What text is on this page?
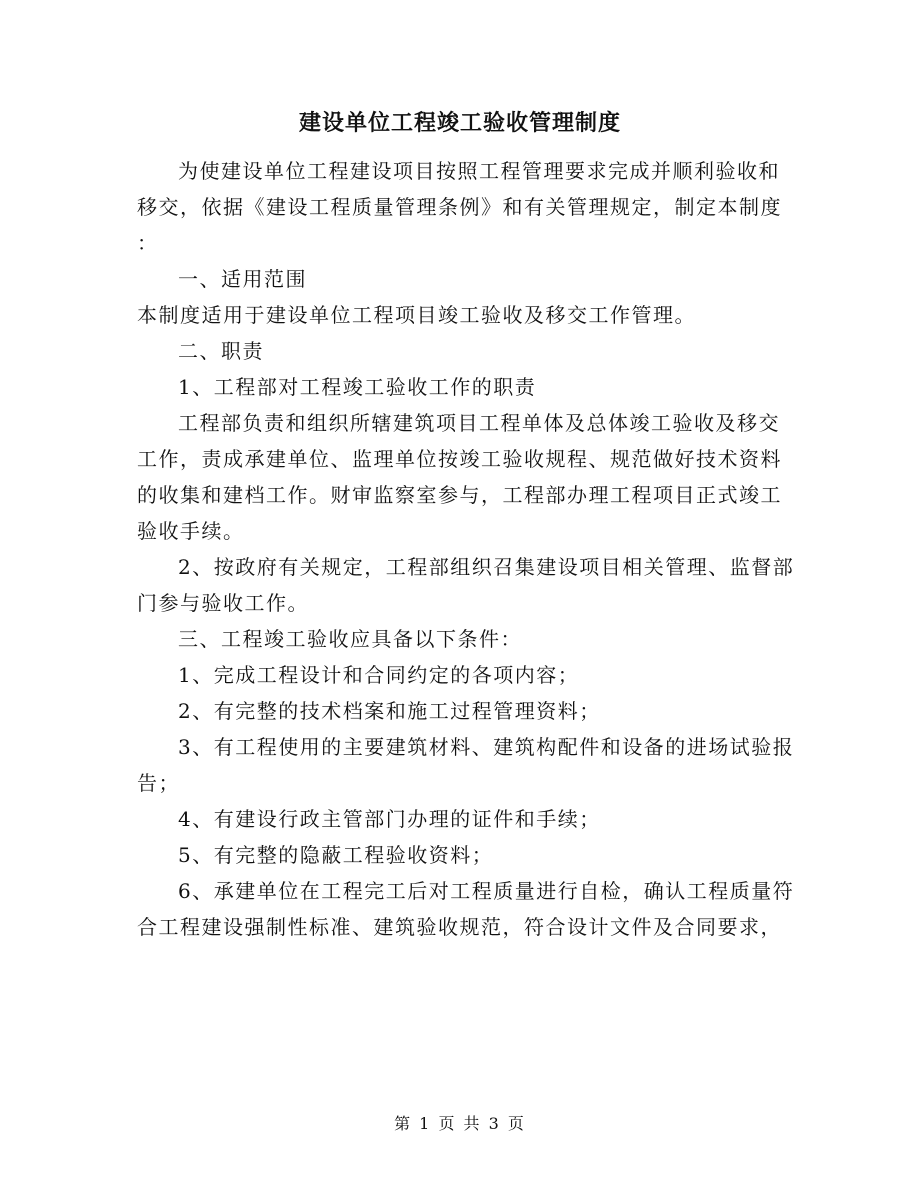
建设单位工程竣工验收管理制度
为使建设单位工程建设项目按照工程管理要求完成并顺利验收和
移交，依据《建设工程质量管理条例》和有关管理规定，制定本制度
：
一、适用范围
本制度适用于建设单位工程项目竣工验收及移交工作管理。
二、职责
1、工程部对工程竣工验收工作的职责
工程部负责和组织所辖建筑项目工程单体及总体竣工验收及移交
工作，责成承建单位、监理单位按竣工验收规程、规范做好技术资料
的收集和建档工作。财审监察室参与，工程部办理工程项目正式竣工
验收手续。
2、按政府有关规定，工程部组织召集建设项目相关管理、监督部
门参与验收工作。
三、工程竣工验收应具备以下条件：
1、完成工程设计和合同约定的各项内容；
2、有完整的技术档案和施工过程管理资料；
3、有工程使用的主要建筑材料、建筑构配件和设备的进场试验报
告；
4、有建设行政主管部门办理的证件和手续；
5、有完整的隐蔽工程验收资料；
6、承建单位在工程完工后对工程质量进行自检，确认工程质量符
合工程建设强制性标准、建筑验收规范，符合设计文件及合同要求，
第 1 页 共 3 页
